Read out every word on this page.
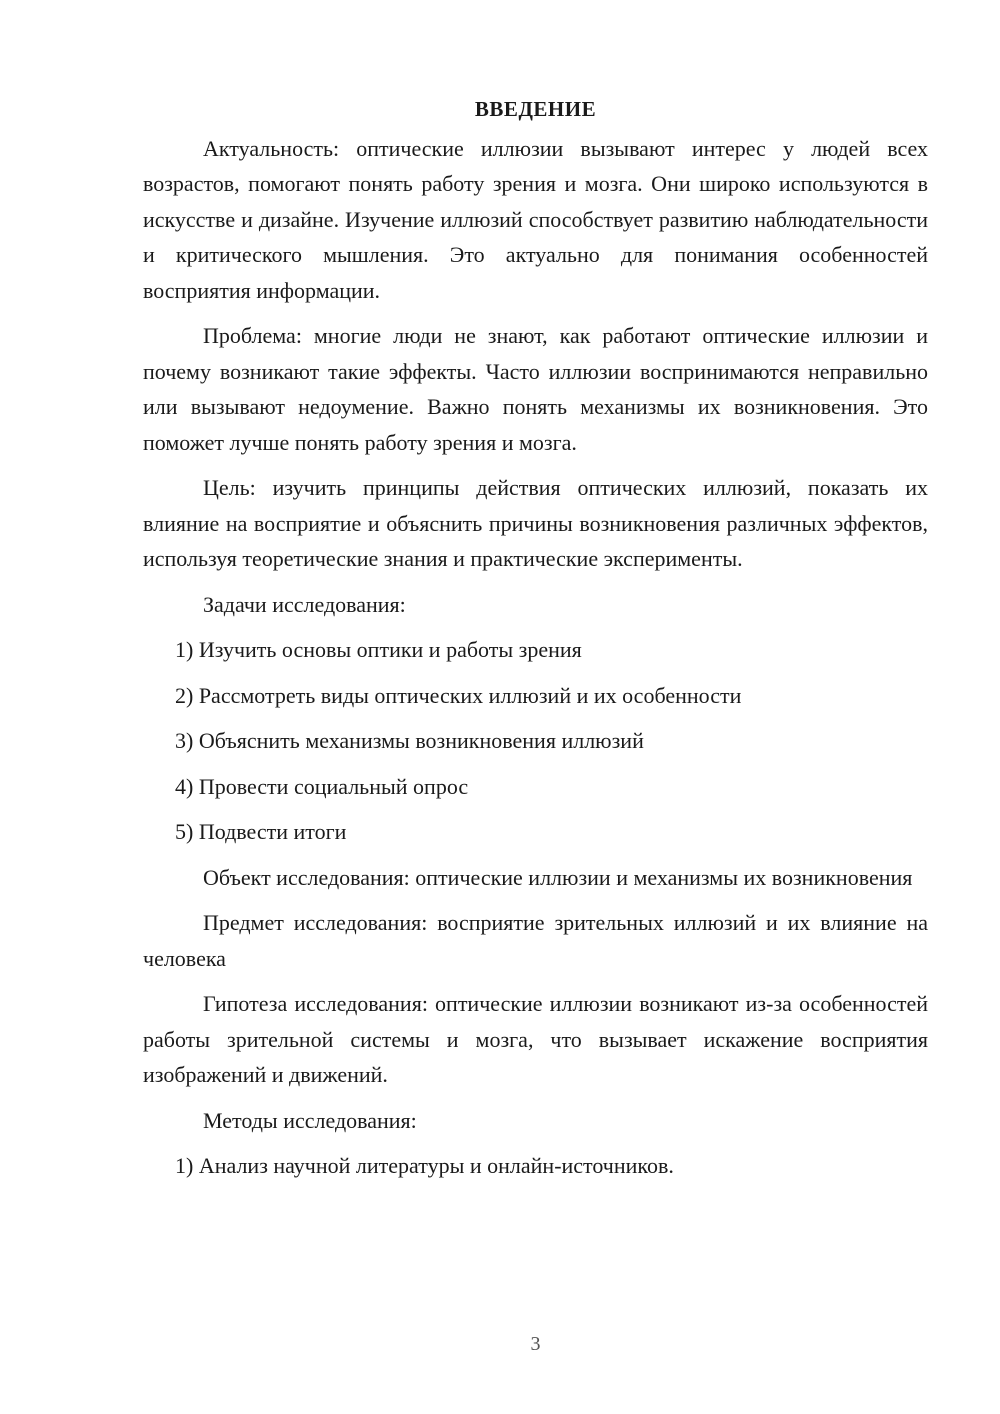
ВВЕДЕНИЕ

Актуальность: оптические иллюзии вызывают интерес у людей всех возрастов, помогают понять работу зрения и мозга. Они широко используются в искусстве и дизайне. Изучение иллюзий способствует развитию наблюдательности и критического мышления. Это актуально для понимания особенностей восприятия информации.

Проблема: многие люди не знают, как работают оптические иллюзии и почему возникают такие эффекты. Часто иллюзии воспринимаются неправильно или вызывают недоумение. Важно понять механизмы их возникновения. Это поможет лучше понять работу зрения и мозга.

Цель: изучить принципы действия оптических иллюзий, показать их влияние на восприятие и объяснить причины возникновения различных эффектов, используя теоретические знания и практические эксперименты.

Задачи исследования:
1) Изучить основы оптики и работы зрения
2) Рассмотреть виды оптических иллюзий и их особенности
3) Объяснить механизмы возникновения иллюзий
4) Провести социальный опрос
5) Подвести итоги

Объект исследования: оптические иллюзии и механизмы их возникновения

Предмет исследования: восприятие зрительных иллюзий и их влияние на человека

Гипотеза исследования: оптические иллюзии возникают из-за особенностей работы зрительной системы и мозга, что вызывает искажение восприятия изображений и движений.

Методы исследования:
1) Анализ научной литературы и онлайн-источников.
3
